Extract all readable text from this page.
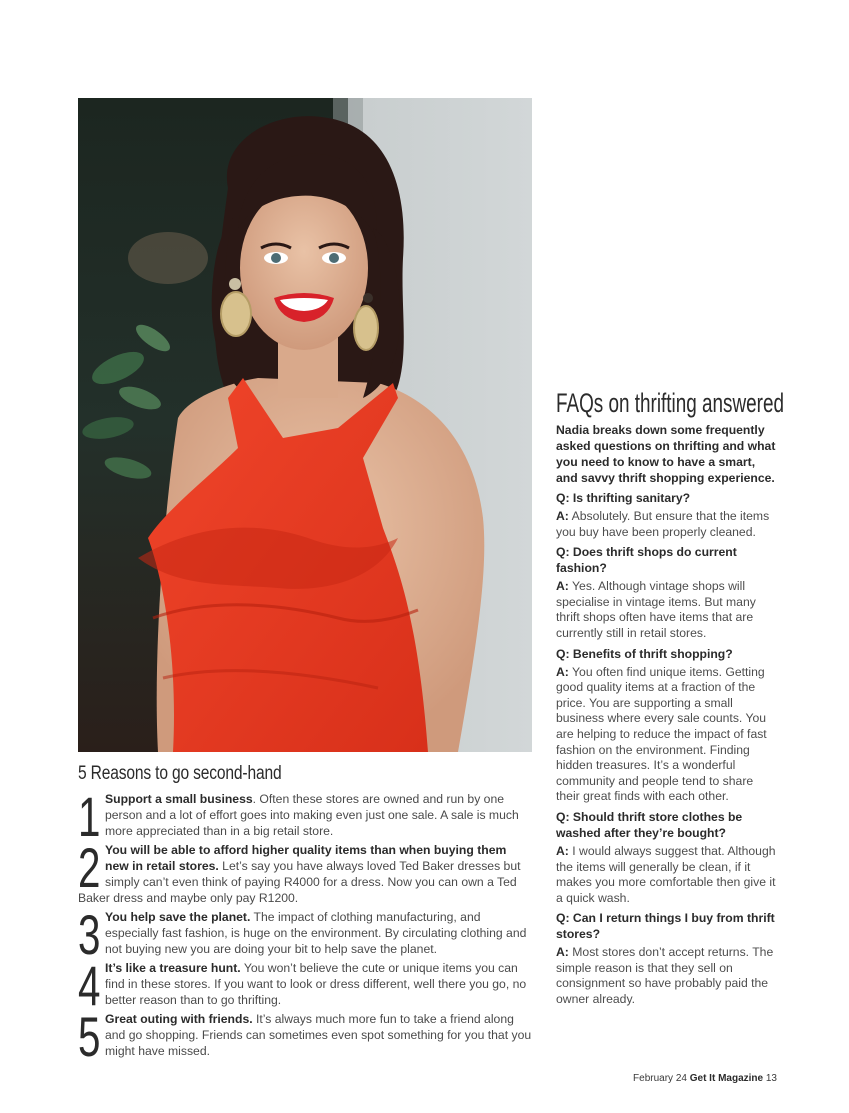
5 Reasons to go second-hand
1 Support a small business. Often these stores are owned and run by one person and a lot of effort goes into making even just one sale. A sale is much more appreciated than in a big retail store.
2 You will be able to afford higher quality items than when buying them new in retail stores. Let’s say you have always loved Ted Baker dresses but simply can’t even think of paying R4000 for a dress. Now you can own a Ted Baker dress and maybe only pay R1200.
3 You help save the planet. The impact of clothing manufacturing, and especially fast fashion, is huge on the environment. By circulating clothing and not buying new you are doing your bit to help save the planet.
4 It’s like a treasure hunt. You won’t believe the cute or unique items you can find in these stores. If you want to look or dress different, well there you go, no better reason than to go thrifting.
5 Great outing with friends. It’s always much more fun to take a friend along and go shopping. Friends can sometimes even spot something for you that you might have missed.
FAQs on thrifting answered

Nadia breaks down some frequently asked questions on thrifting and what you need to know to have a smart, and savvy thrift shopping experience.

Q: Is thrifting sanitary?

A: Absolutely. But ensure that the items you buy have been properly cleaned.

Q: Does thrift shops do current fashion?

A: Yes. Although vintage shops will specialise in vintage items. But many thrift shops often have items that are currently still in retail stores.

Q: Benefits of thrift shopping?

A: You often find unique items. Getting good quality items at a fraction of the price. You are supporting a small business where every sale counts. You are helping to reduce the impact of fast fashion on the environment. Finding hidden treasures. It’s a wonderful community and people tend to share their great finds with each other.

Q: Should thrift store clothes be washed after they’re bought?

A: I would always suggest that. Although the items will generally be clean, if it makes you more comfortable then give it a quick wash.

Q: Can I return things I buy from thrift stores?

A: Most stores don’t accept returns. The simple reason is that they sell on consignment so have probably paid the owner already.

February 24 Get It Magazine 13
